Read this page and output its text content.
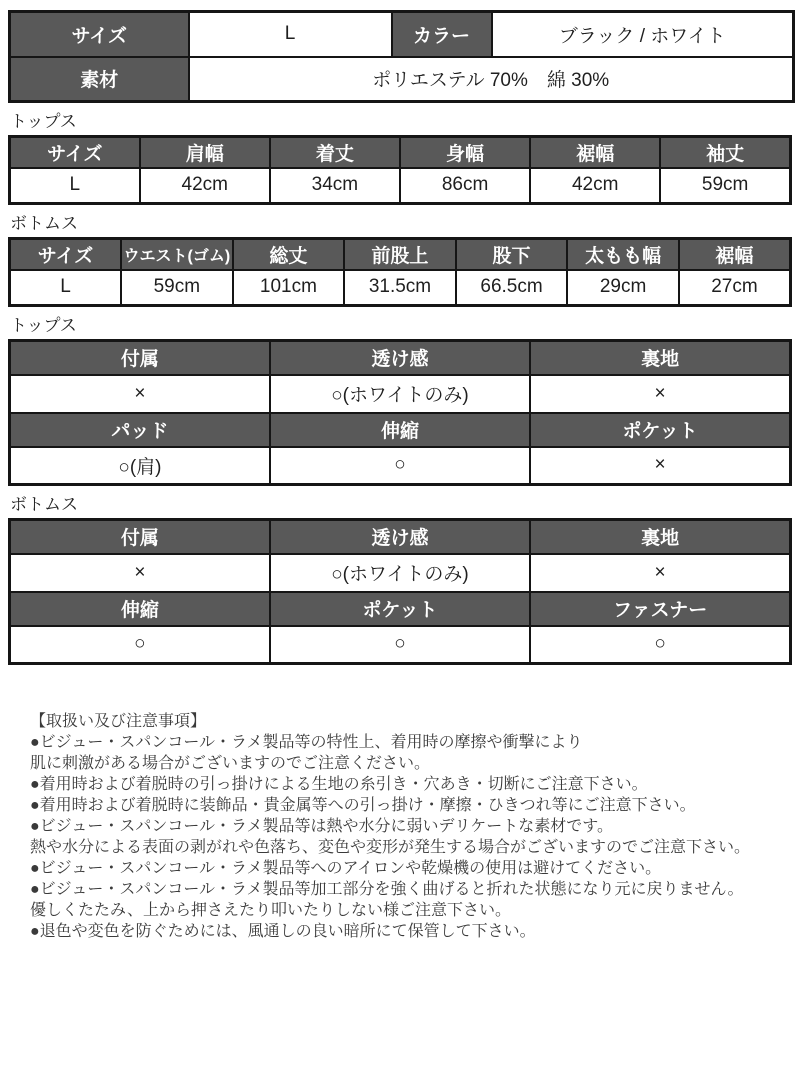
サイズ	L	カラー	ブラック / ホワイト
素材	ポリエステル 70%　綿 30%		
トップス
サイズ	肩幅	着丈	身幅	裾幅	袖丈
L	42cm	34cm	86cm	42cm	59cm
ボトムス
サイズ	ウエスト(ゴム)	総丈	前股上	股下	太もも幅	裾幅
L	59cm	101cm	31.5cm	66.5cm	29cm	27cm
トップス
付属	透け感	裏地
×	○(ホワイトのみ)	×
パッド	伸縮	ポケット
○(肩)	○	×
ボトムス
付属	透け感	裏地
×	○(ホワイトのみ)	×
伸縮	ポケット	ファスナー
○	○	○
【取扱い及び注意事項】
●ビジュー・スパンコール・ラメ製品等の特性上、着用時の摩擦や衝撃により
肌に刺激がある場合がございますのでご注意ください。
●着用時および着脱時の引っ掛けによる生地の糸引き・穴あき・切断にご注意下さい。
●着用時および着脱時に装飾品・貴金属等への引っ掛け・摩擦・ひきつれ等にご注意下さい。
●ビジュー・スパンコール・ラメ製品等は熱や水分に弱いデリケートな素材です。
熱や水分による表面の剥がれや色落ち、変色や変形が発生する場合がございますのでご注意下さい。
●ビジュー・スパンコール・ラメ製品等へのアイロンや乾燥機の使用は避けてください。
●ビジュー・スパンコール・ラメ製品等加工部分を強く曲げると折れた状態になり元に戻りません。
優しくたたみ、上から押さえたり叩いたりしない様ご注意下さい。
●退色や変色を防ぐためには、風通しの良い暗所にて保管して下さい。
